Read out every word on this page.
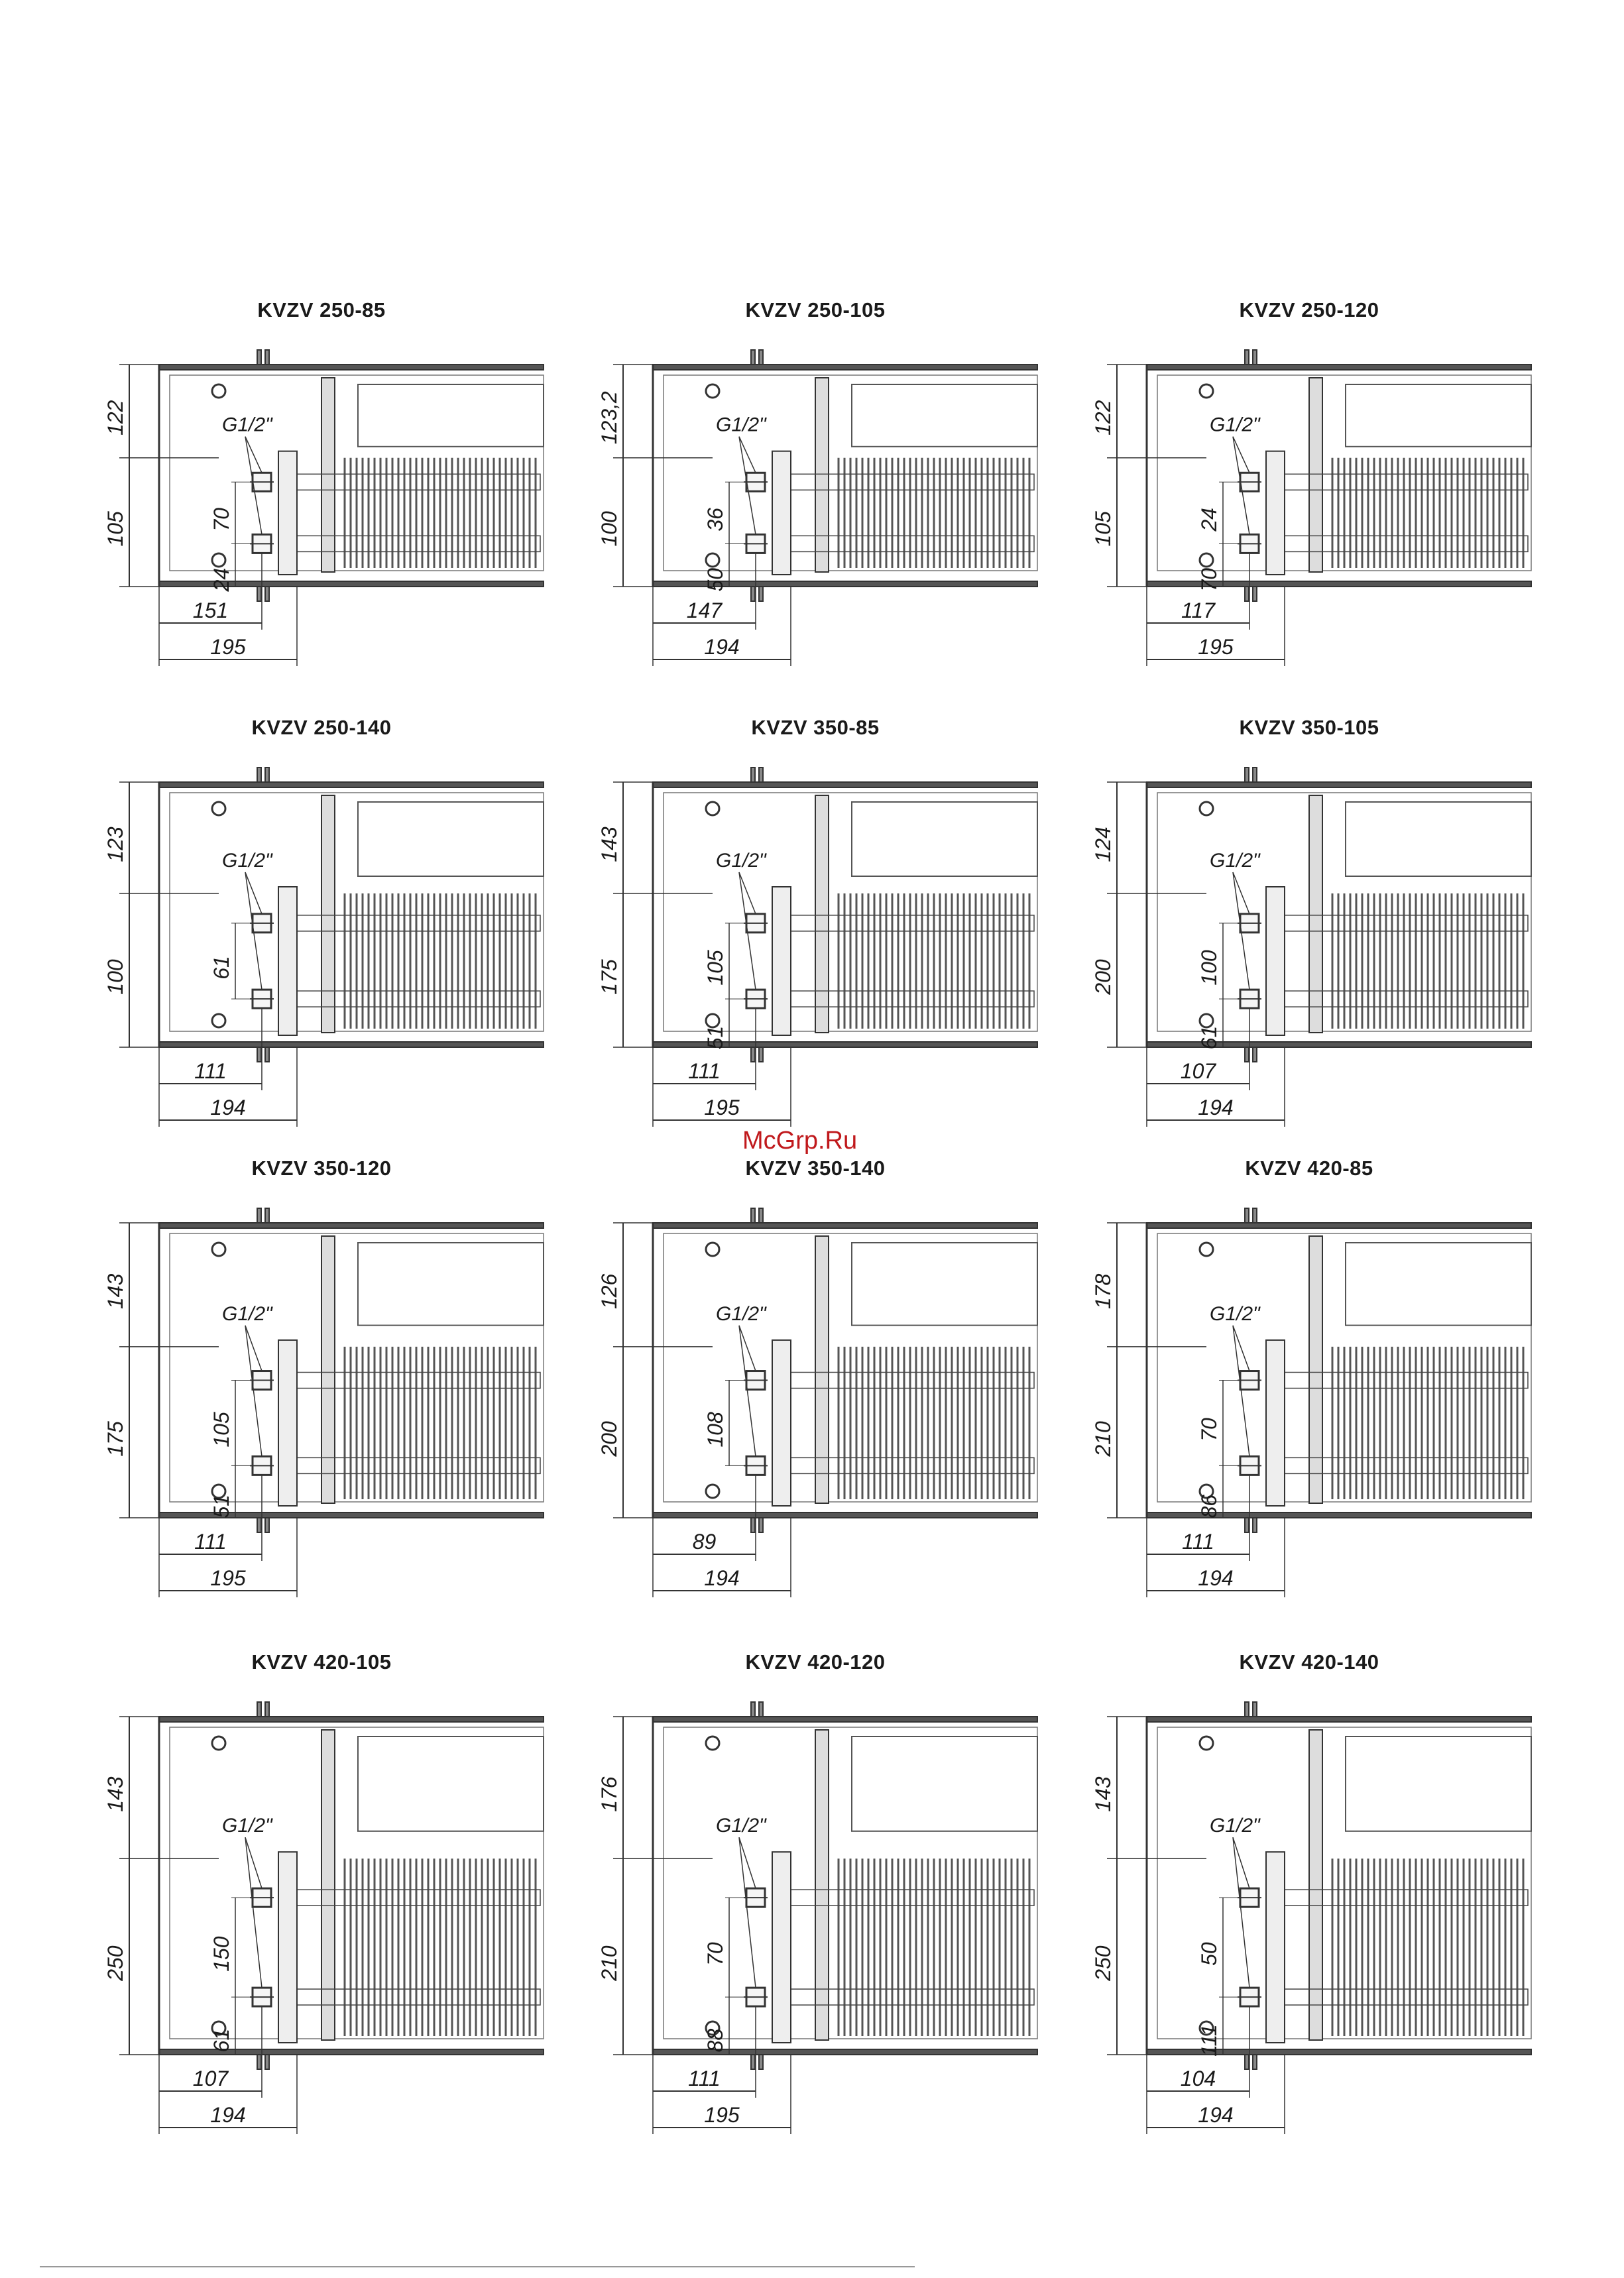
McGrp.Ru
G1/2"
122
105	70
24
151
195
G1/2"
123,2
100	36
50
147
194
G1/2"
122
105	24
70
117
195
G1/2"
123
100	61
111
194
G1/2"
143
175	105
51
111
195
G1/2"
124
200	100
61
107
194
G1/2"
143
175	105
51
111
195
G1/2"
126
200	108
89
194
G1/2"
178
210	70
86
111
194
G1/2"
143
250	150
61
107
194
G1/2"
176
210	70
88
111
195
G1/2"
143
250	50
111
104
194
KVZV 250-85	KVZV 250-105	KVZV 250-120
KVZV 250-140	KVZV 350-85	KVZV 350-105
KVZV 350-120	KVZV 350-140	KVZV 420-85
KVZV 420-105	KVZV 420-120	KVZV 420-140
